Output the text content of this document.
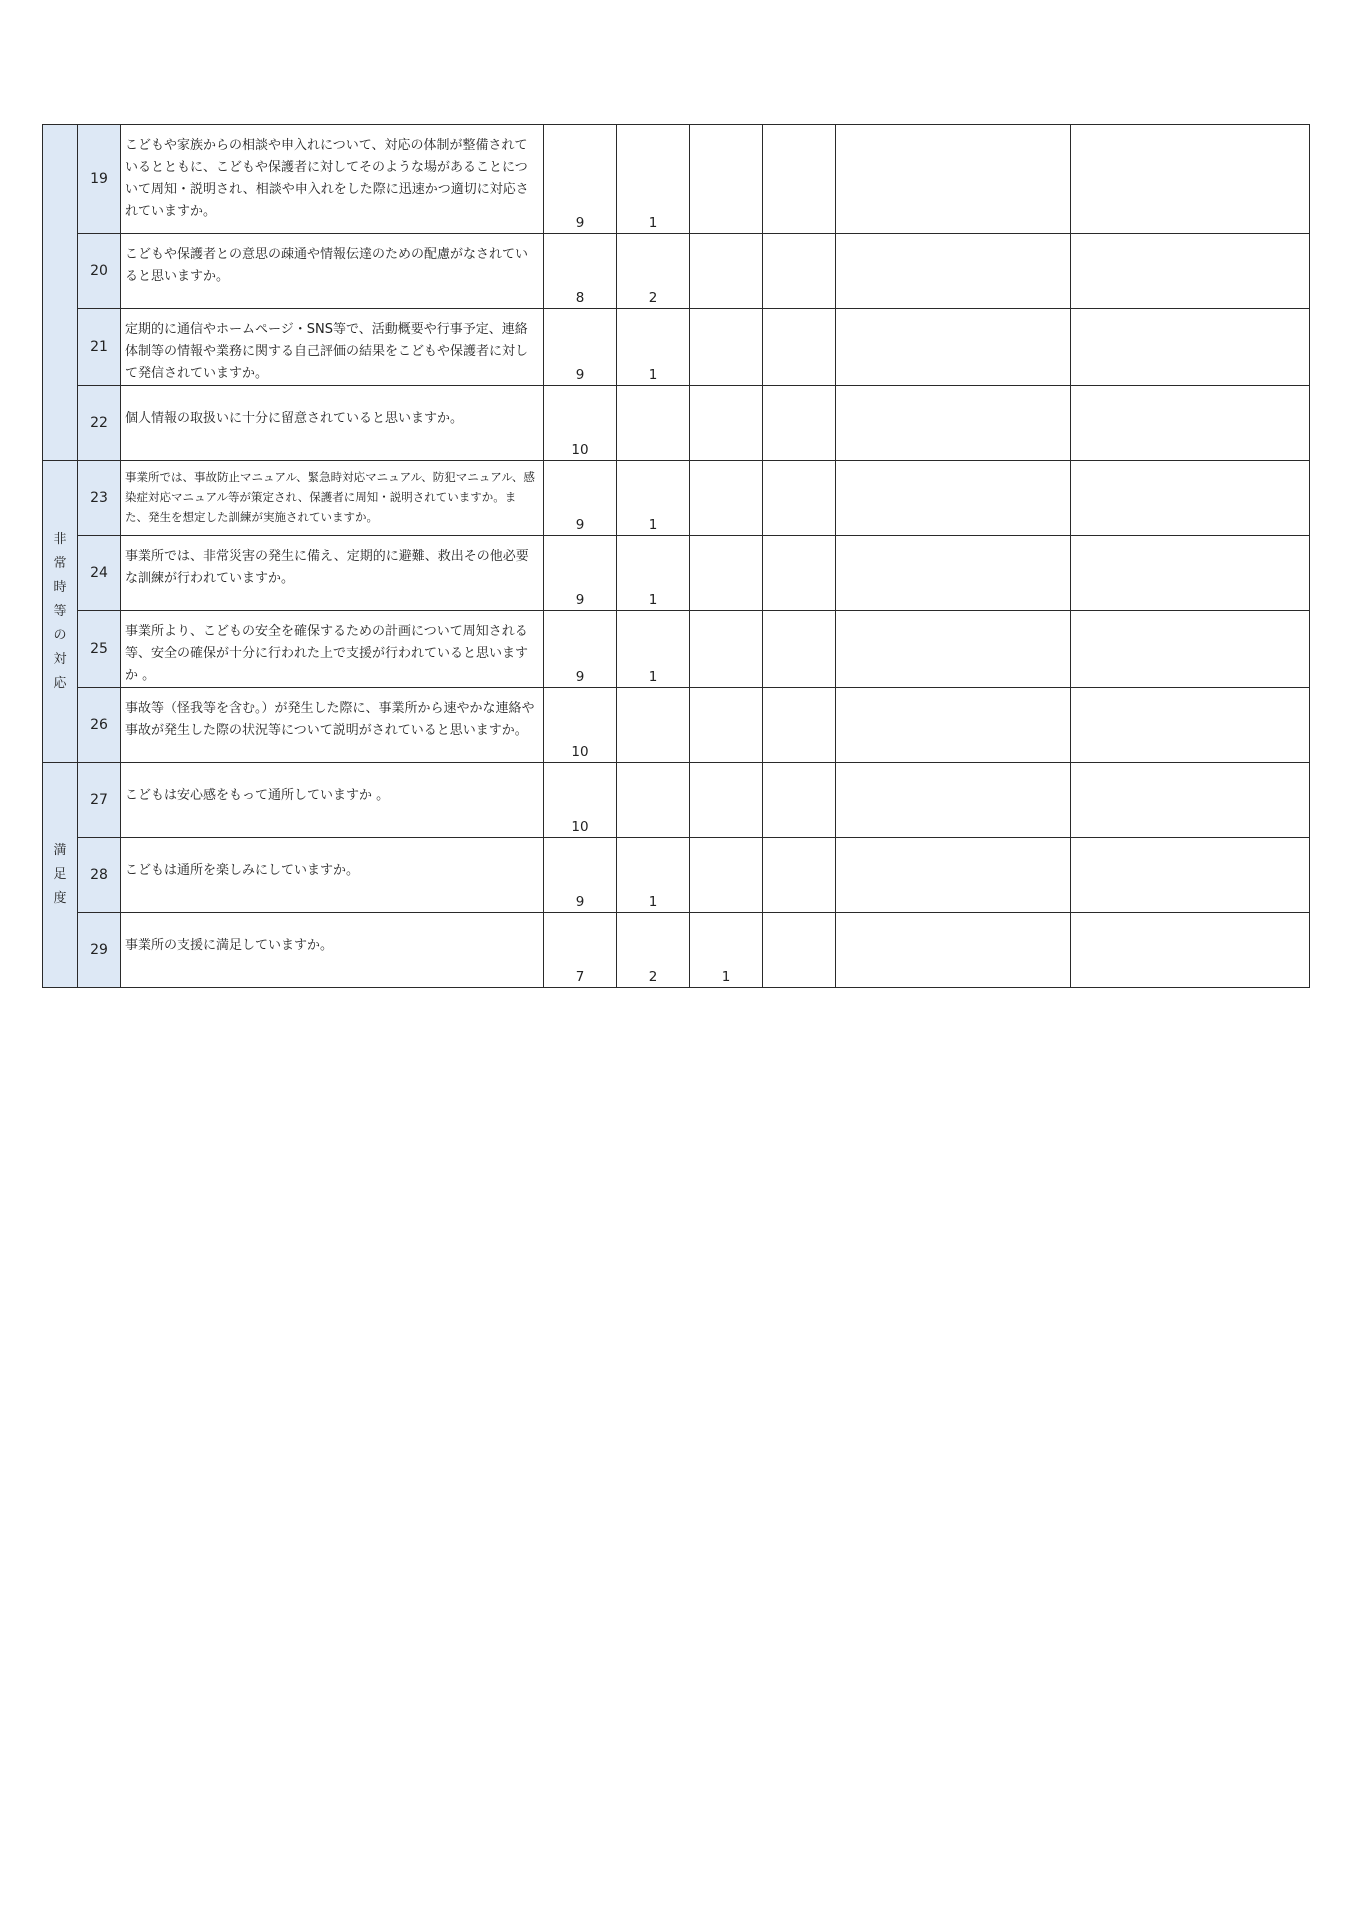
	19	こどもや家族からの相談や申入れについて、対応の体制が整備されているとともに、こどもや保護者に対してそのような場があることについて周知・説明され、相談や申入れをした際に迅速かつ適切に対応されていますか。	9	1				
	20	こどもや保護者との意思の疎通や情報伝達のための配慮がなされていると思いますか。	8	2				
	21	定期的に通信やホームページ・SNS等で、活動概要や行事予定、連絡体制等の情報や業務に関する自己評価の結果をこどもや保護者に対して発信されていますか。	9	1				
	22	個人情報の取扱いに十分に留意されていると思いますか。	10					
非常時等の対応	23	事業所では、事故防止マニュアル、緊急時対応マニュアル、防犯マニュアル、感染症対応マニュアル等が策定され、保護者に周知・説明されていますか。また、発生を想定した訓練が実施されていますか。	9	1				
	24	事業所では、非常災害の発生に備え、定期的に避難、救出その他必要な訓練が行われていますか。	9	1				
	25	事業所より、こどもの安全を確保するための計画について周知される等、安全の確保が十分に行われた上で支援が行われていると思いますか 。	9	1				
	26	事故等（怪我等を含む。）が発生した際に、事業所から速やかな連絡や事故が発生した際の状況等について説明がされていると思いますか。	10					
満足度	27	こどもは安心感をもって通所していますか 。	10					
	28	こどもは通所を楽しみにしていますか。	9	1				
	29	事業所の支援に満足していますか。	7	2	1			
